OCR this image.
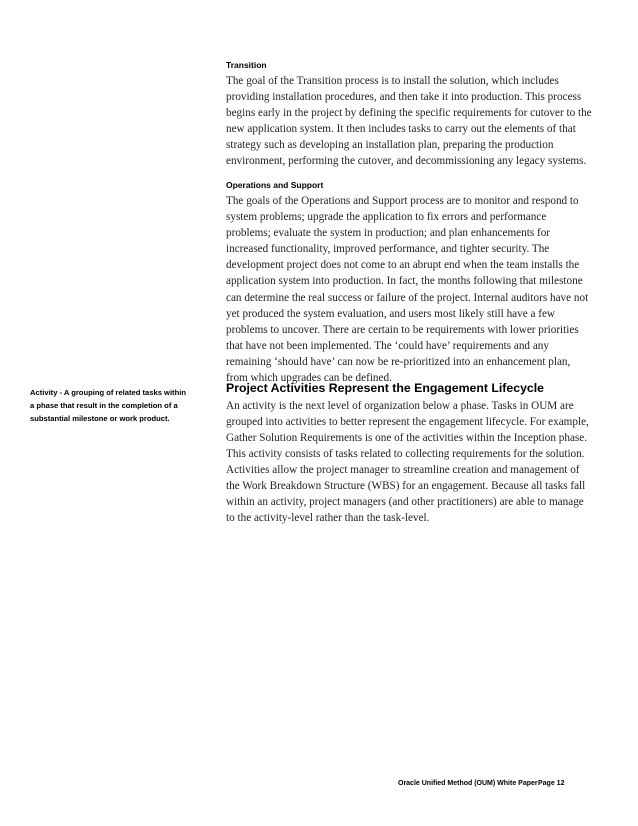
Transition
The goal of the Transition process is to install the solution, which includes providing installation procedures, and then take it into production. This process begins early in the project by defining the specific requirements for cutover to the new application system. It then includes tasks to carry out the elements of that strategy such as developing an installation plan, preparing the production environment, performing the cutover, and decommissioning any legacy systems.
Operations and Support
The goals of the Operations and Support process are to monitor and respond to system problems; upgrade the application to fix errors and performance problems; evaluate the system in production; and plan enhancements for increased functionality, improved performance, and tighter security. The development project does not come to an abrupt end when the team installs the application system into production. In fact, the months following that milestone can determine the real success or failure of the project. Internal auditors have not yet produced the system evaluation, and users most likely still have a few problems to uncover. There are certain to be requirements with lower priorities that have not been implemented. The ‘could have’ requirements and any remaining ‘should have’ can now be re-prioritized into an enhancement plan, from which upgrades can be defined.
Activity - A grouping of related tasks within a phase that result in the completion of a substantial milestone or work product.
Project Activities Represent the Engagement Lifecycle
An activity is the next level of organization below a phase. Tasks in OUM are grouped into activities to better represent the engagement lifecycle. For example, Gather Solution Requirements is one of the activities within the Inception phase. This activity consists of tasks related to collecting requirements for the solution.
Activities allow the project manager to streamline creation and management of the Work Breakdown Structure (WBS) for an engagement. Because all tasks fall within an activity, project managers (and other practitioners) are able to manage to the activity-level rather than the task-level.
Oracle Unified Method (OUM) White Paper Page 12
